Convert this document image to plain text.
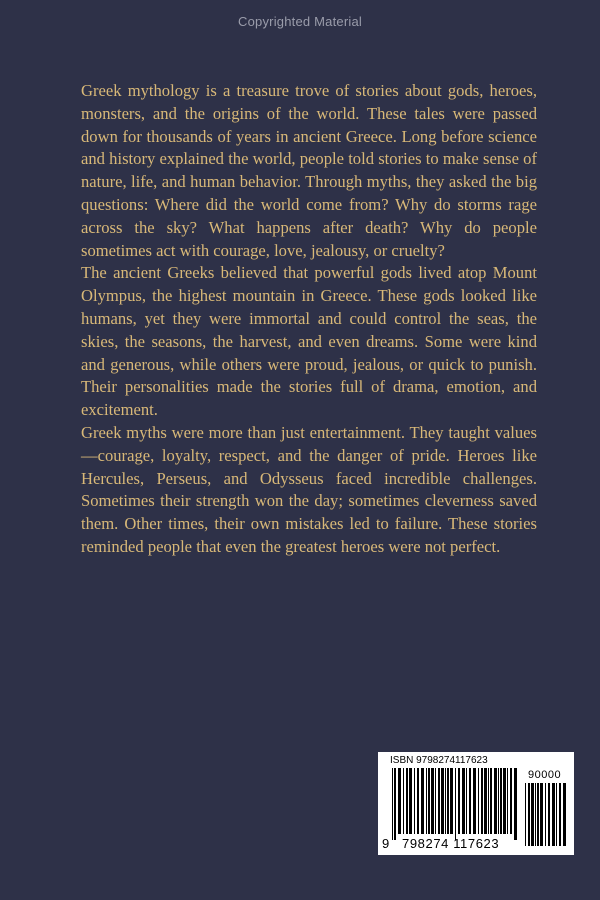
Copyrighted Material

Greek mythology is a treasure trove of stories about gods, heroes, monsters, and the origins of the world. These tales were passed down for thousands of years in ancient Greece. Long before science and history explained the world, people told stories to make sense of nature, life, and human behavior. Through myths, they asked the big questions: Where did the world come from? Why do storms rage across the sky? What happens after death? Why do people sometimes act with courage, love, jealousy, or cruelty?

The ancient Greeks believed that powerful gods lived atop Mount Olympus, the highest mountain in Greece. These gods looked like humans, yet they were immortal and could control the seas, the skies, the seasons, the harvest, and even dreams. Some were kind and generous, while others were proud, jealous, or quick to punish. Their personalities made the stories full of drama, emotion, and excitement.

Greek myths were more than just entertainment. They taught values—courage, loyalty, respect, and the danger of pride. Heroes like Hercules, Perseus, and Odysseus faced incredible challenges. Sometimes their strength won the day; sometimes cleverness saved them. Other times, their own mistakes led to failure. These stories reminded people that even the greatest heroes were not perfect.

ISBN 9798274117623
90000
9 798274 117623
